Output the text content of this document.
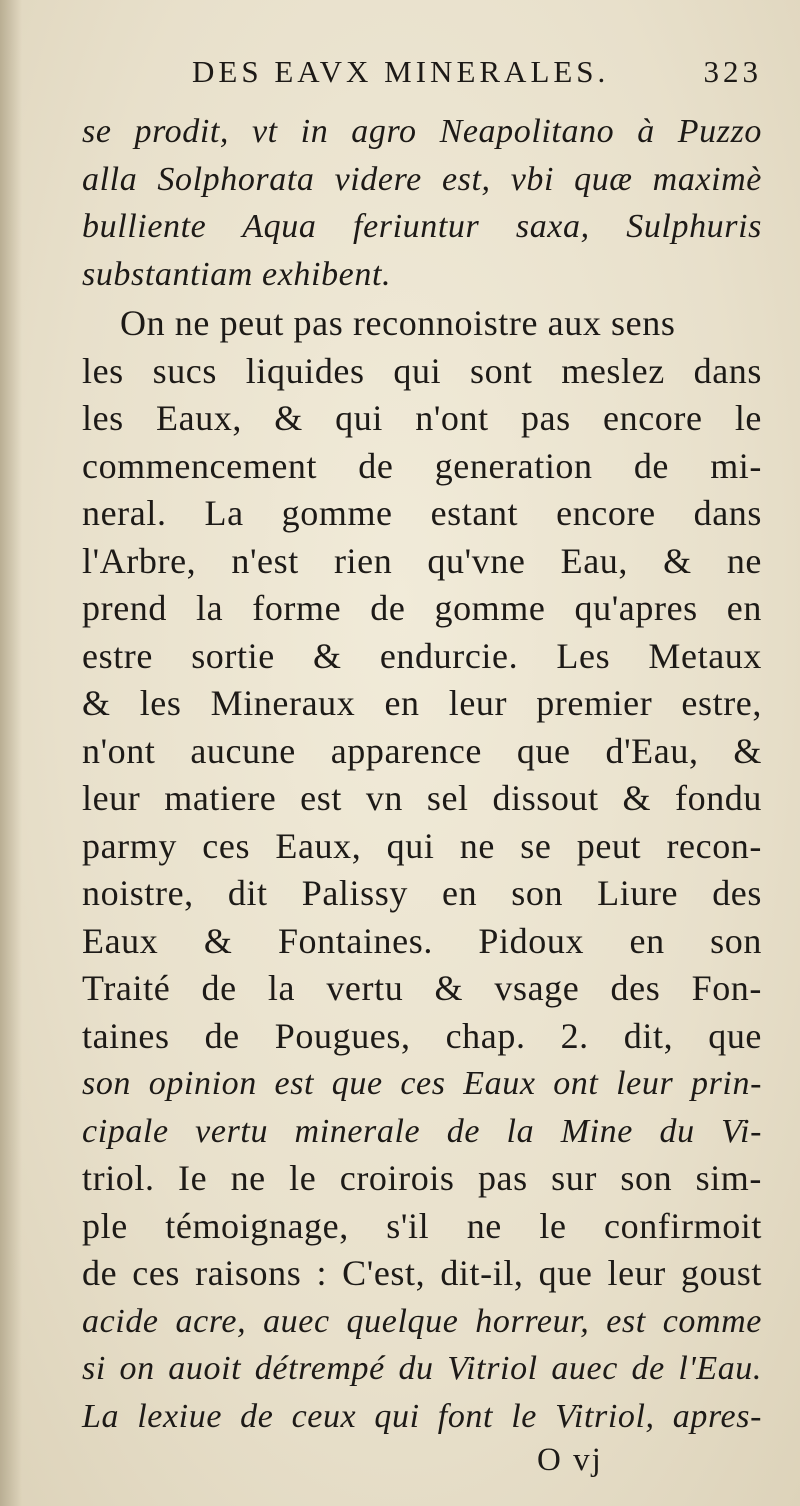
DES EAVX MINERALES.	323
se prodit, vt in agro Neapolitano à Puzzo
alla Solphorata videre est, vbi quæ maximè
bulliente Aqua feriuntur saxa, Sulphuris
substantiam exhibent.
On ne peut pas reconnoistre aux sens
les sucs liquides qui sont meslez dans
les Eaux, & qui n'ont pas encore le
commencement de generation de mi-
neral. La gomme estant encore dans
l'Arbre, n'est rien qu'vne Eau, & ne
prend la forme de gomme qu'apres en
estre sortie & endurcie. Les Metaux
& les Mineraux en leur premier estre,
n'ont aucune apparence que d'Eau, &
leur matiere est vn sel dissout & fondu
parmy ces Eaux, qui ne se peut recon-
noistre, dit Palissy en son Liure des
Eaux & Fontaines. Pidoux en son
Traité de la vertu & vsage des Fon-
taines de Pougues, chap. 2. dit, que
son opinion est que ces Eaux ont leur prin-
cipale vertu minerale de la Mine du Vi-
triol. Ie ne le croirois pas sur son sim-
ple témoignage, s'il ne le confirmoit
de ces raisons : C'est, dit-il, que leur goust
acide acre, auec quelque horreur, est comme
si on auoit détrempé du Vitriol auec de l'Eau.
La lexiue de ceux qui font le Vitriol, apres-
O vj
